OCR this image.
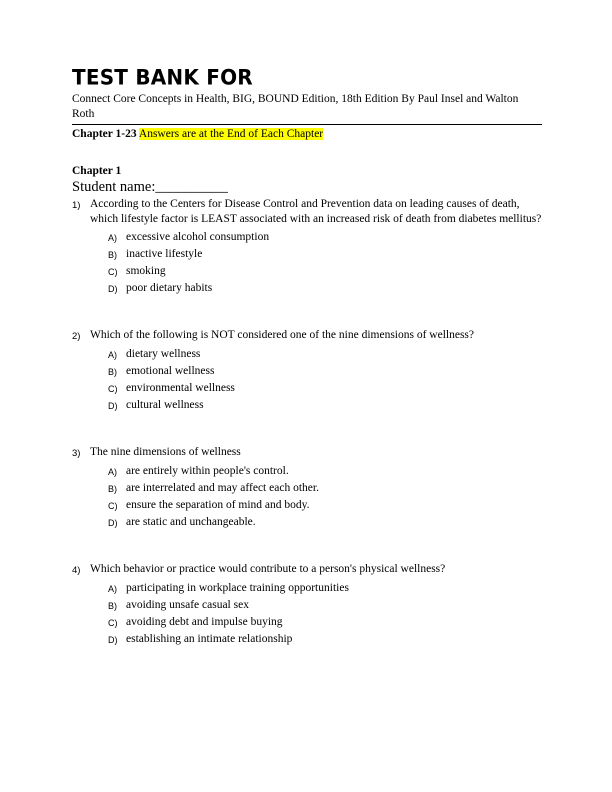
TEST BANK FOR
Connect Core Concepts in Health, BIG, BOUND Edition, 18th Edition By Paul Insel and Walton Roth
Chapter 1-23 Answers are at the End of Each Chapter
Chapter 1
Student name:__________
1) According to the Centers for Disease Control and Prevention data on leading causes of death, which lifestyle factor is LEAST associated with an increased risk of death from diabetes mellitus?
A) excessive alcohol consumption
B) inactive lifestyle
C) smoking
D) poor dietary habits
2) Which of the following is NOT considered one of the nine dimensions of wellness?
A) dietary wellness
B) emotional wellness
C) environmental wellness
D) cultural wellness
3) The nine dimensions of wellness
A) are entirely within people's control.
B) are interrelated and may affect each other.
C) ensure the separation of mind and body.
D) are static and unchangeable.
4) Which behavior or practice would contribute to a person's physical wellness?
A) participating in workplace training opportunities
B) avoiding unsafe casual sex
C) avoiding debt and impulse buying
D) establishing an intimate relationship
